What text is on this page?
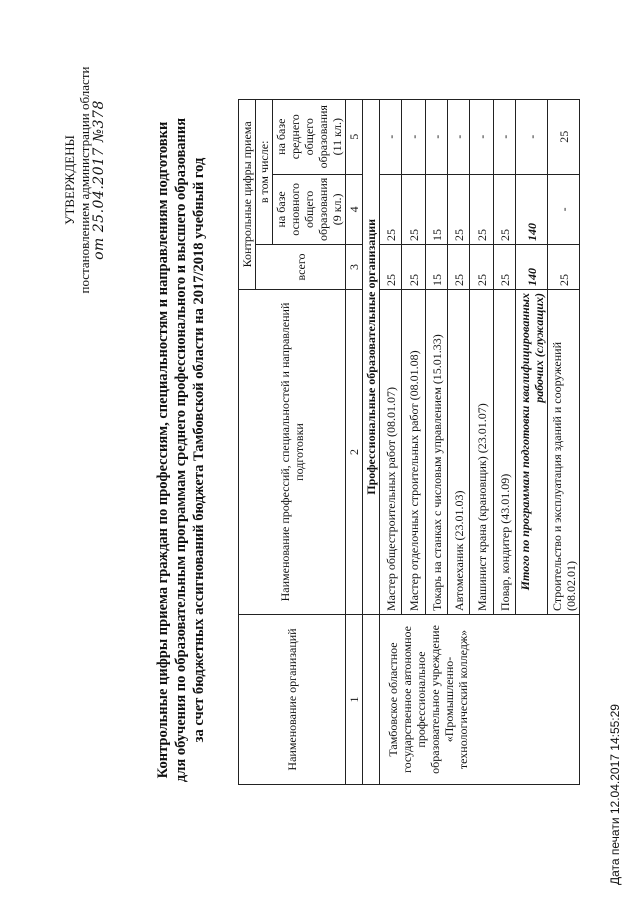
УТВЕРЖДЕНЫ постановлением администрации области от 25.04.2017 №378	Контрольные цифры приема граждан по профессиям, специальностям и направлениям подготовки для обучения по образовательным программам среднего профессионального и высшего образования за счет бюджетных ассигнований бюджета Тамбовской области на 2017/2018 учебный год	Наименование организаций	Наименование профессий, специальностей и направлений подготовки	Контрольные цифры приема		
		всего	в том числе:	
			на базе основного общего образования (9 кл.)	на базе среднего общего образования (11 кл.)
1	2	3	4	5
	Профессиональные образовательные организации			
Тамбовское областное государственное автономное профессиональное образовательное учреждение «Промышленно-технологический колледж»	Мастер общестроительных работ (08.01.07)	25	25	-
	Мастер отделочных строительных работ (08.01.08)	25	25	-
	Токарь на станках с числовым управлением (15.01.33)	15	15	-
	Автомеханик (23.01.03)	25	25	-
	Машинист крана (крановщик) (23.01.07)	25	25	-
	Повар, кондитер (43.01.09)	25	25	-
	Итого по программам подготовки квалифицированных рабочих (служащих)	140	140	-
	Строительство и эксплуатация зданий и сооружений (08.02.01)	25	-	25
Дата печати 12.04.2017 14:55:29
